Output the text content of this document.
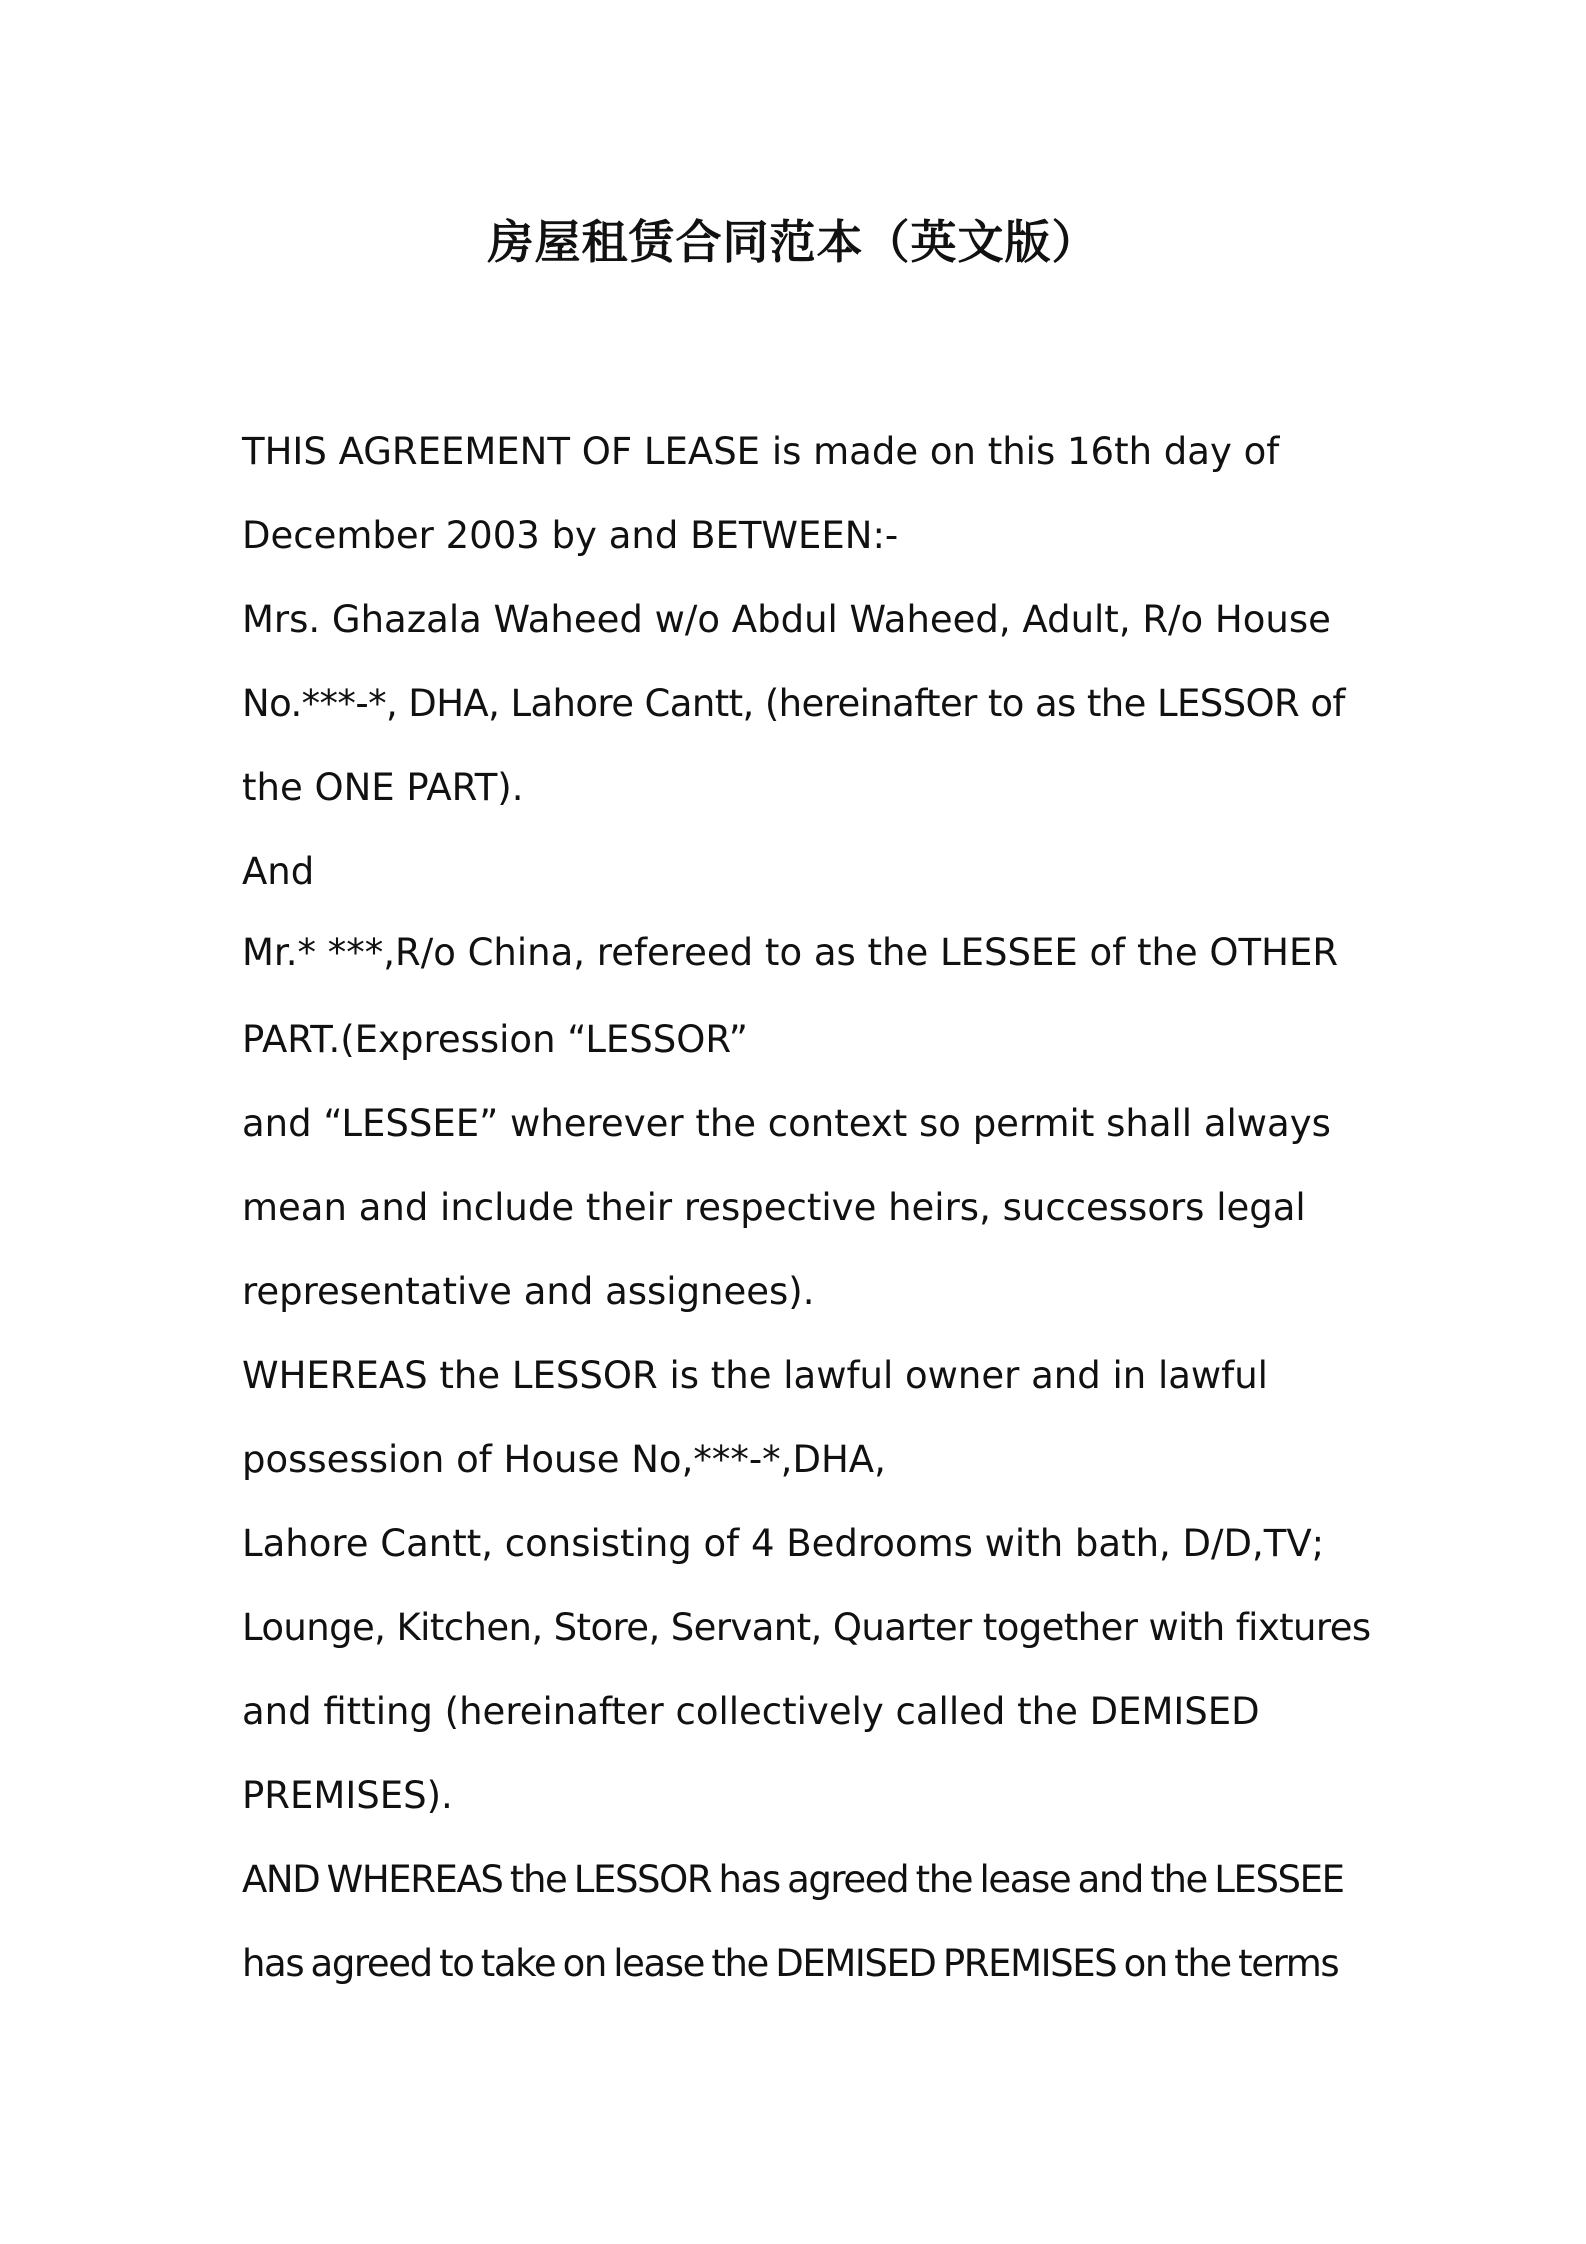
房屋租赁合同范本（英文版）
THIS AGREEMENT OF LEASE is made on this 16th day of
December 2003 by and BETWEEN:-
Mrs. Ghazala Waheed w/o Abdul Waheed, Adult, R/o House
No.***-*, DHA, Lahore Cantt, (hereinafter to as the LESSOR of
the ONE PART).
And
Mr.* ***,R/o China, refereed to as the LESSEE of the OTHER
PART.(Expression “LESSOR”
and “LESSEE” wherever the context so permit shall always
mean and include their respective heirs, successors legal
representative and assignees).
WHEREAS the LESSOR is the lawful owner and in lawful
possession of House No,***-*,DHA,
Lahore Cantt, consisting of 4 Bedrooms with bath, D/D,TV;
Lounge, Kitchen, Store, Servant, Quarter together with fixtures
and fitting (hereinafter collectively called the DEMISED
PREMISES).
AND WHEREAS the LESSOR has agreed the lease and the LESSEE
has agreed to take on lease the DEMISED PREMISES on the terms
